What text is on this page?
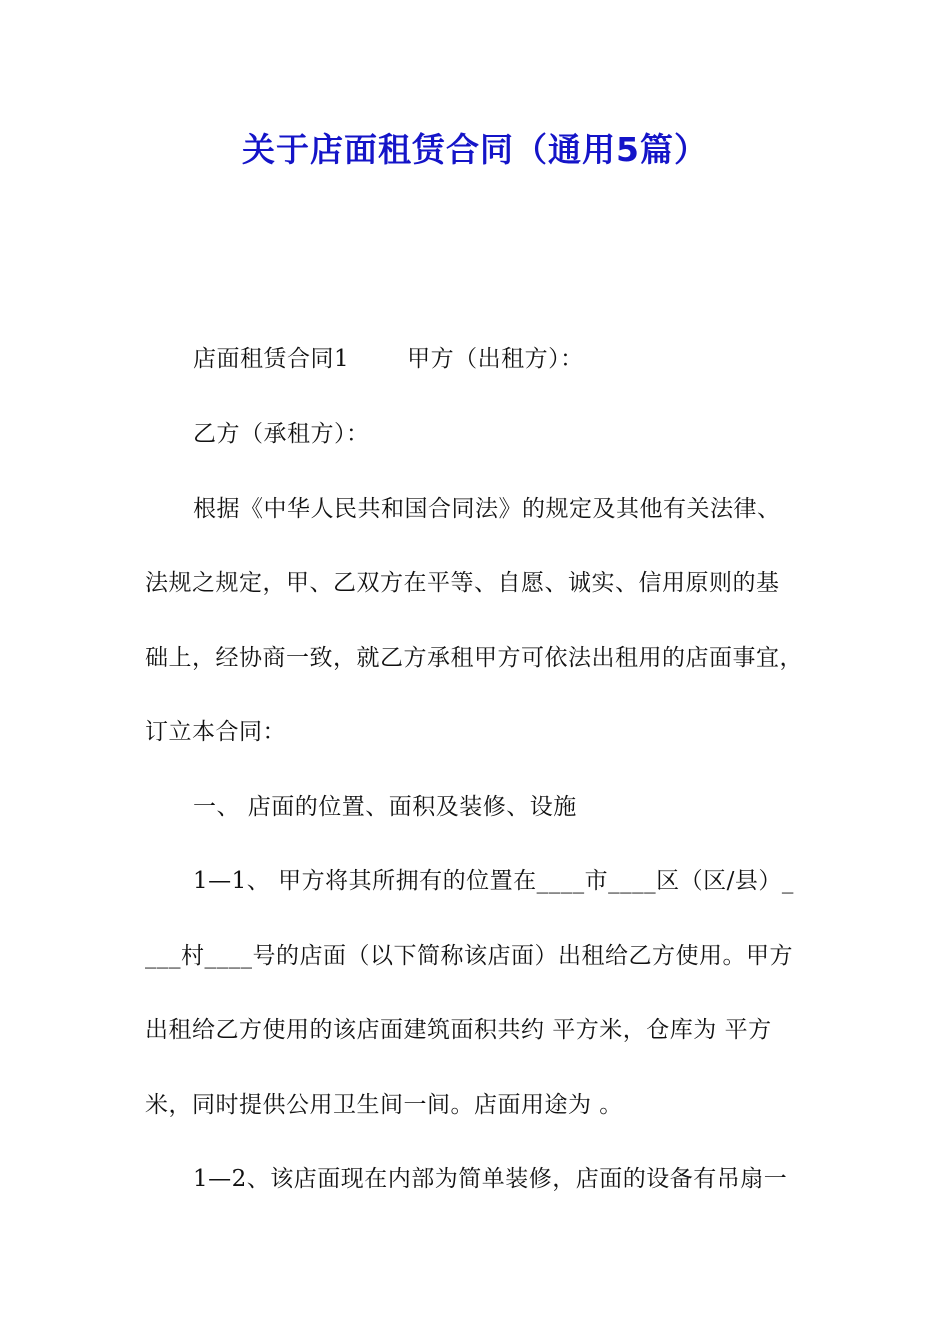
关于店面租赁合同（通用5篇）
店面租赁合同1	甲方（出租方）：
乙方（承租方）：
根据《中华人民共和国合同法》的规定及其他有关法律、
法规之规定，甲、乙双方在平等、自愿、诚实、信用原则的基
础上，经协商一致，就乙方承租甲方可依法出租用的店面事宜，
订立本合同：
一、 店面的位置、面积及装修、设施
1—1、 甲方将其所拥有的位置在____市____区（区/县）_
___村____号的店面（以下简称该店面）出租给乙方使用。甲方
出租给乙方使用的该店面建筑面积共约 平方米，仓库为 平方
米，同时提供公用卫生间一间。店面用途为 。
1—2、该店面现在内部为简单装修，店面的设备有吊扇一
